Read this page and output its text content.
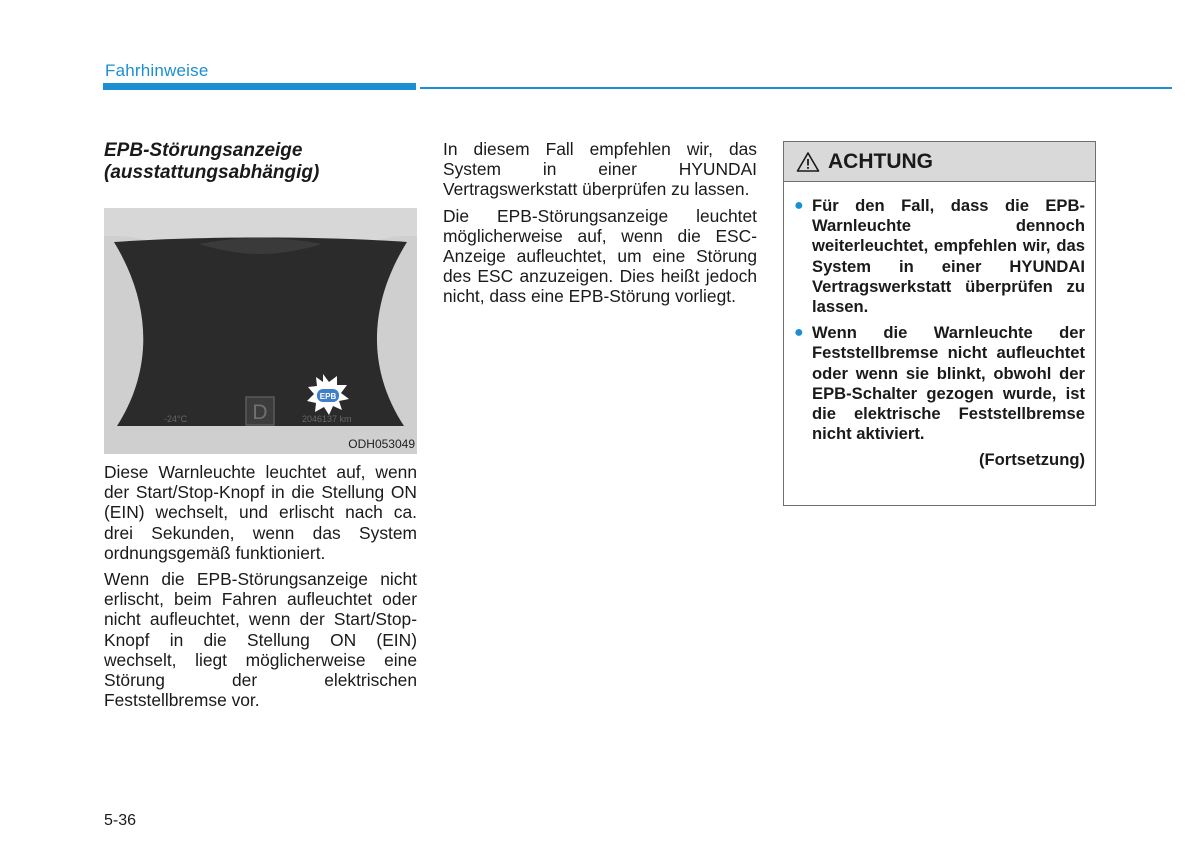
Fahrhinweise
EPB-Störungsanzeige
(ausstattungsabhängig)
D
-24°C	2046137 km
EPB
ODH053049

Diese Warnleuchte leuchtet auf, wenn der Start/Stop-Knopf in die Stellung ON (EIN) wechselt, und erlischt nach ca. drei Sekunden, wenn das System ordnungsgemäß funktioniert.

Wenn die EPB-Störungsanzeige nicht erlischt, beim Fahren aufleuchtet oder nicht aufleuchtet, wenn der Start/Stop-Knopf in die Stellung ON (EIN) wechselt, liegt möglicherweise eine Störung der elektrischen Feststellbremse vor.

In diesem Fall empfehlen wir, das System in einer HYUNDAI Vertragswerkstatt überprüfen zu lassen.

Die EPB-Störungsanzeige leuchtet möglicherweise auf, wenn die ESC-Anzeige aufleuchtet, um eine Störung des ESC anzuzeigen. Dies heißt jedoch nicht, dass eine EPB-Störung vorliegt.

ACHTUNG
● Für den Fall, dass die EPB-Warnleuchte dennoch weiterleuchtet, empfehlen wir, das System in einer HYUNDAI Vertragswerkstatt überprüfen zu lassen.
● Wenn die Warnleuchte der Feststellbremse nicht aufleuchtet oder wenn sie blinkt, obwohl der EPB-Schalter gezogen wurde, ist die elektrische Feststellbremse nicht aktiviert.
(Fortsetzung)
5-36
